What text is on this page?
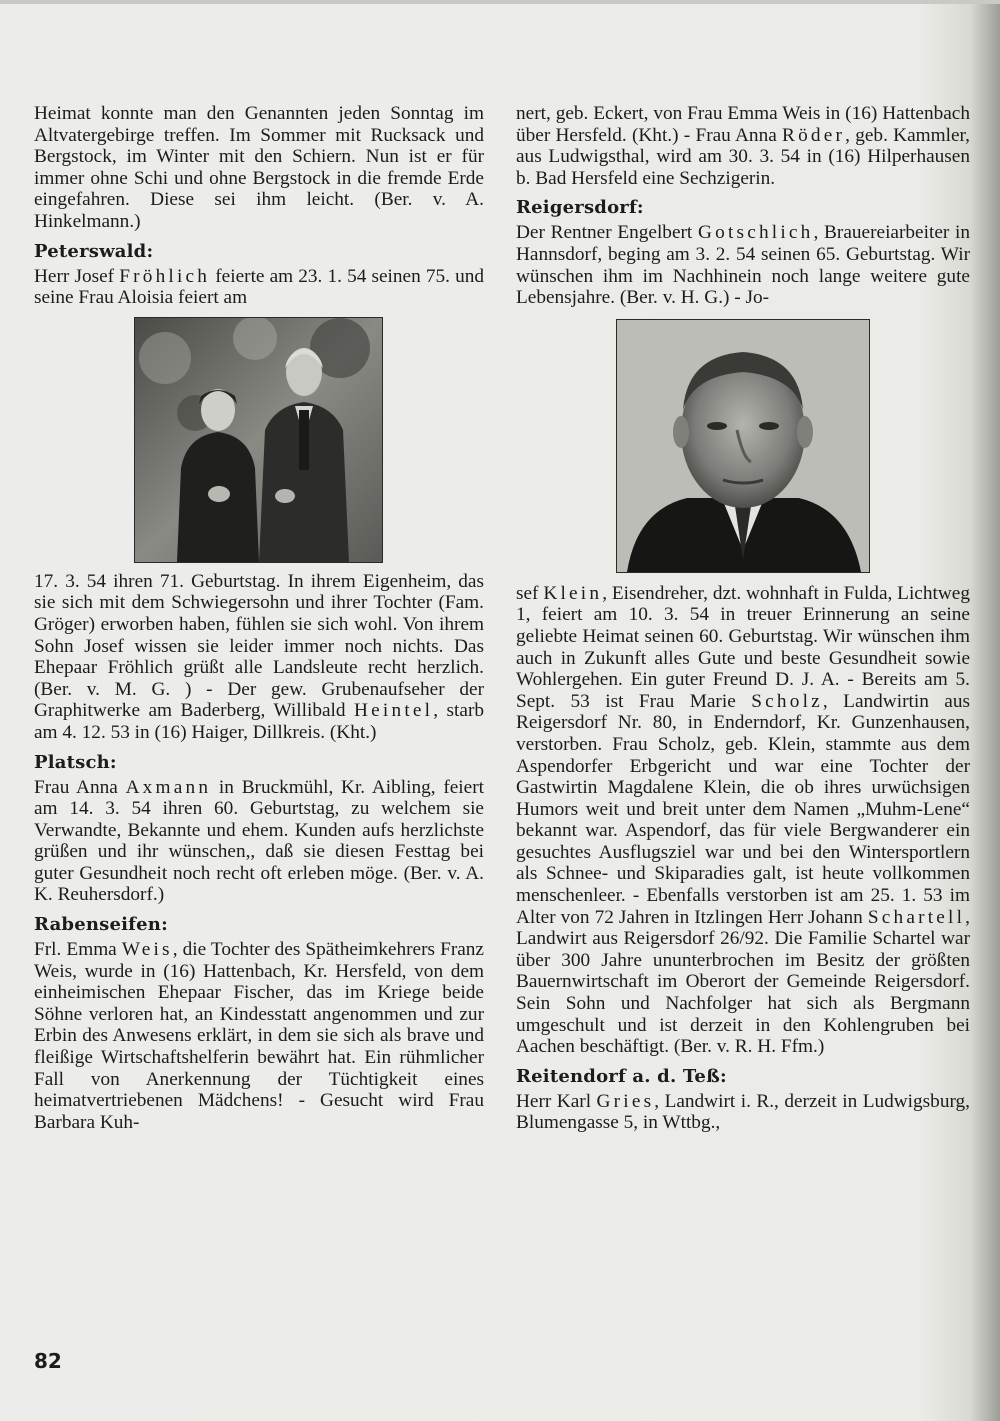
Heimat konnte man den Genannten jeden Sonntag im Altvatergebirge treffen. Im Sommer mit Rucksack und Bergstock, im Winter mit den Schiern. Nun ist er für immer ohne Schi und ohne Bergstock in die fremde Erde eingefahren. Diese sei ihm leicht. (Ber. v. A. Hinkelmann.)

Peterswald:

Herr Josef Fröhlich feierte am 23. 1. 54 seinen 75. und seine Frau Aloisia feiert am

17. 3. 54 ihren 71. Geburtstag. In ihrem Eigenheim, das sie sich mit dem Schwiegersohn und ihrer Tochter (Fam. Gröger) erworben haben, fühlen sie sich wohl. Von ihrem Sohn Josef wissen sie leider immer noch nichts. Das Ehepaar Fröhlich grüßt alle Landsleute recht herzlich. (Ber. v. M. G. ) - Der gew. Grubenaufseher der Graphitwerke am Baderberg, Willibald Heintel, starb am 4. 12. 53 in (16) Haiger, Dillkreis. (Kht.)

Platsch:

Frau Anna Axmann in Bruckmühl, Kr. Aibling, feiert am 14. 3. 54 ihren 60. Geburtstag, zu welchem sie Verwandte, Bekannte und ehem. Kunden aufs herzlichste grüßen und ihr wünschen,, daß sie diesen Festtag bei guter Gesundheit noch recht oft erleben möge. (Ber. v. A. K. Reuhersdorf.)

Rabenseifen:

Frl. Emma Weis, die Tochter des Spätheimkehrers Franz Weis, wurde in (16) Hattenbach, Kr. Hersfeld, von dem einheimischen Ehepaar Fischer, das im Kriege beide Söhne verloren hat, an Kindesstatt angenommen und zur Erbin des Anwesens erklärt, in dem sie sich als brave und fleißige Wirtschaftshelferin bewährt hat. Ein rühmlicher Fall von Anerkennung der Tüchtigkeit eines heimatvertriebenen Mädchens! - Gesucht wird Frau Barbara Kuh-

nert, geb. Eckert, von Frau Emma Weis in (16) Hattenbach über Hersfeld. (Kht.) - Frau Anna Röder, geb. Kammler, aus Ludwigsthal, wird am 30. 3. 54 in (16) Hilperhausen b. Bad Hersfeld eine Sechzigerin.

Reigersdorf:

Der Rentner Engelbert Gotschlich, Brauereiarbeiter in Hannsdorf, beging am 3. 2. 54 seinen 65. Geburtstag. Wir wünschen ihm im Nachhinein noch lange weitere gute Lebensjahre. (Ber. v. H. G.) - Jo-

sef Klein, Eisendreher, dzt. wohnhaft in Fulda, Lichtweg 1, feiert am 10. 3. 54 in treuer Erinnerung an seine geliebte Heimat seinen 60. Geburtstag. Wir wünschen ihm auch in Zukunft alles Gute und beste Gesundheit sowie Wohlergehen. Ein guter Freund D. J. A. - Bereits am 5. Sept. 53 ist Frau Marie Scholz, Landwirtin aus Reigersdorf Nr. 80, in Enderndorf, Kr. Gunzenhausen, verstorben. Frau Scholz, geb. Klein, stammte aus dem Aspendorfer Erbgericht und war eine Tochter der Gastwirtin Magdalene Klein, die ob ihres urwüchsigen Humors weit und breit unter dem Namen „Muhm-Lene“ bekannt war. Aspendorf, das für viele Bergwanderer ein gesuchtes Ausflugsziel war und bei den Wintersportlern als Schnee- und Skiparadies galt, ist heute vollkommen menschenleer. - Ebenfalls verstorben ist am 25. 1. 53 im Alter von 72 Jahren in Itzlingen Herr Johann Schartell, Landwirt aus Reigersdorf 26/92. Die Familie Schartel war über 300 Jahre ununterbrochen im Besitz der größten Bauernwirtschaft im Oberort der Gemeinde Reigersdorf. Sein Sohn und Nachfolger hat sich als Bergmann umgeschult und ist derzeit in den Kohlengruben bei Aachen beschäftigt. (Ber. v. R. H. Ffm.)

Reitendorf a. d. Teß:

Herr Karl Gries, Landwirt i. R., derzeit in Ludwigsburg, Blumengasse 5, in Wttbg.,

82
